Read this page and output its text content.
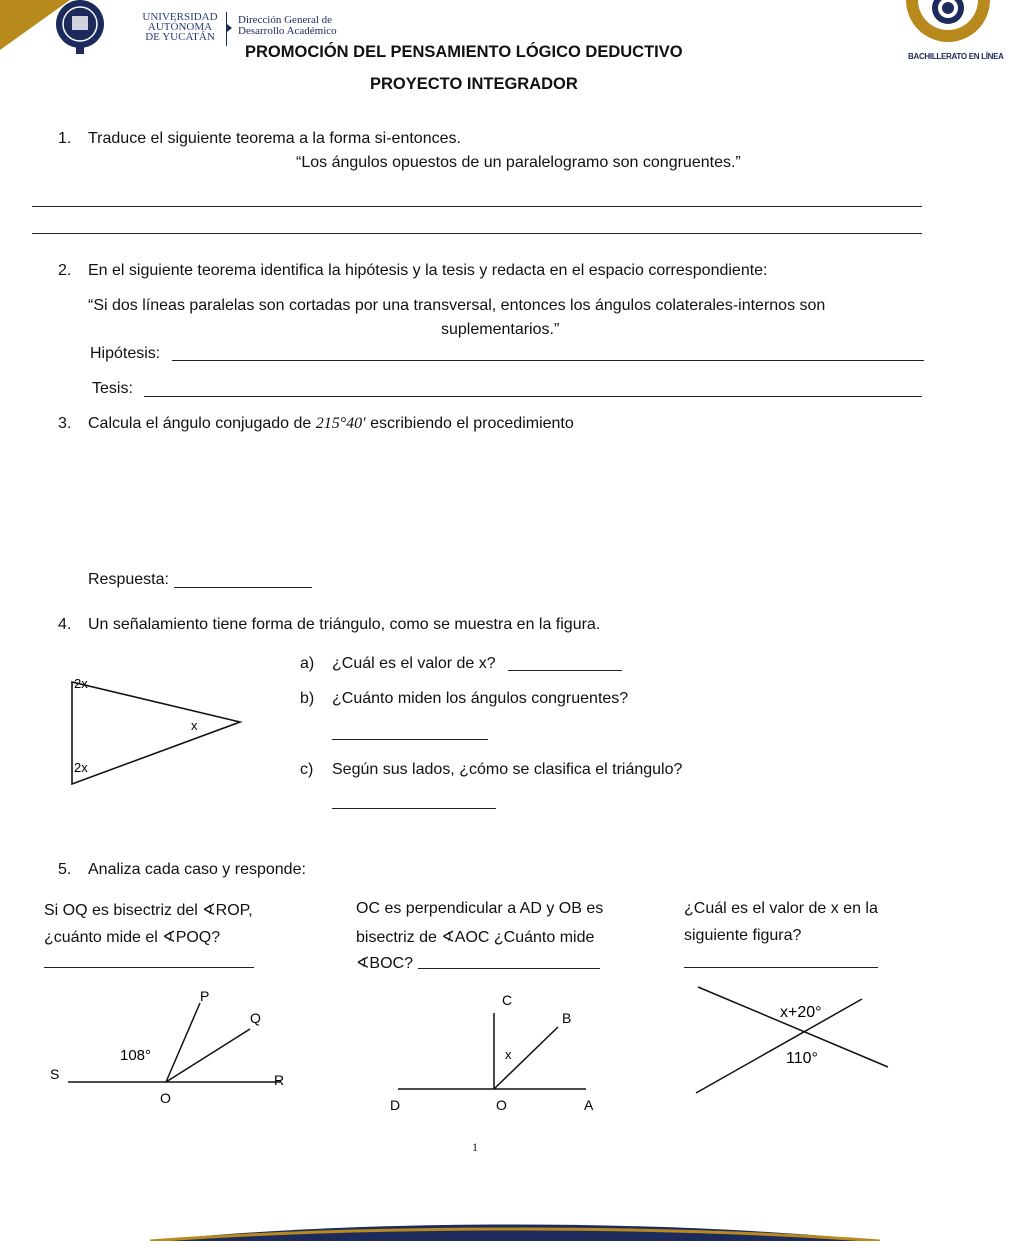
UNIVERSIDAD
AUTÓNOMA
DE YUCATÁN
Dirección General de
Desarrollo Académico
PROMOCIÓN DEL PENSAMIENTO LÓGICO DEDUCTIVO	BACHILLERATO EN LÍNEA
PROYECTO INTEGRADOR
1. Traduce el siguiente teorema a la forma si-entonces.
“Los ángulos opuestos de un paralelogramo son congruentes.”
2. En el siguiente teorema identifica la hipótesis y la tesis y redacta en el espacio correspondiente:
“Si dos líneas paralelas son cortadas por una transversal, entonces los ángulos colaterales-internos son
suplementarios.”
Hipótesis:
Tesis:
3. Calcula el ángulo conjugado de 215°40′ escribiendo el procedimiento
Respuesta:
4. Un señalamiento tiene forma de triángulo, como se muestra en la figura.
2x
x
2x
a) ¿Cuál es el valor de x?
b) ¿Cuánto miden los ángulos congruentes?
c) Según sus lados, ¿cómo se clasifica el triángulo?
5. Analiza cada caso y responde:
Si OQ es bisectriz del ∢ROP,
¿cuánto mide el ∢POQ?
OC es perpendicular a AD y OB es
bisectriz de ∢AOC ¿Cuánto mide
∢BOC?
¿Cuál es el valor de x en la
siguiente figura?
P
Q
108°
S	R
O
C
B
x
D	O	A
x+20°
110°
1
